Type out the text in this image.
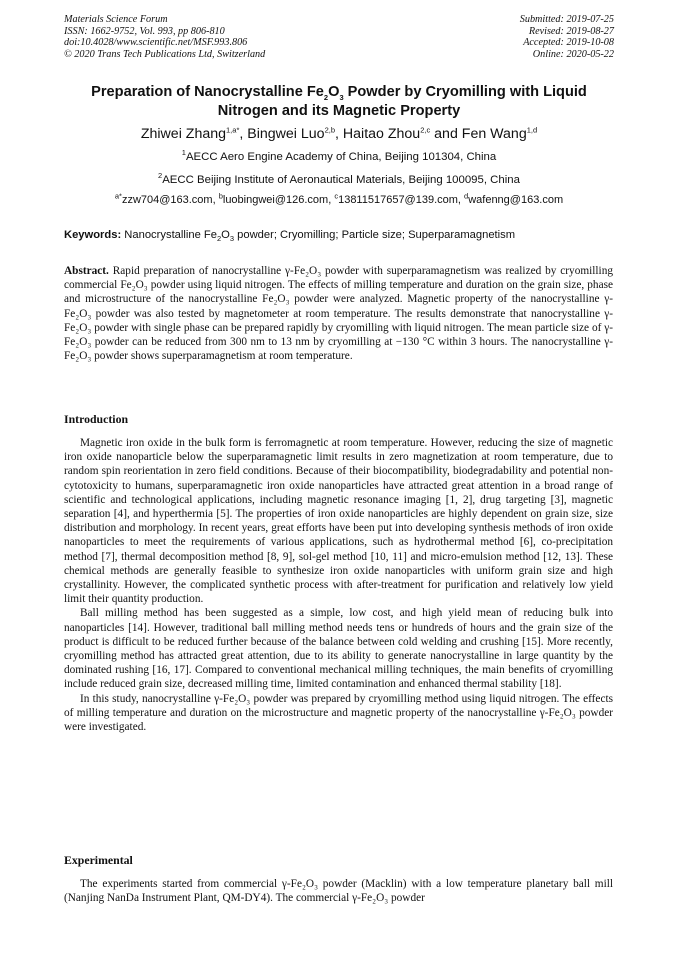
Materials Science Forum
ISSN: 1662-9752, Vol. 993, pp 806-810
doi:10.4028/www.scientific.net/MSF.993.806
© 2020 Trans Tech Publications Ltd, Switzerland
Submitted: 2019-07-25
Revised: 2019-08-27
Accepted: 2019-10-08
Online: 2020-05-22
Preparation of Nanocrystalline $Fe_2O_3$ Powder by Cryomilling with Liquid
Nitrogen and its Magnetic Property
Zhiwei Zhang$^{1,a*}$, Bingwei Luo$^{2,b}$, Haitao Zhou$^{2,c}$ and Fen Wang$^{1,d}$
$^1$AECC Aero Engine Academy of China, Beijing 101304, China
$^2$AECC Beijing Institute of Aeronautical Materials, Beijing 100095, China
$^{a*}$zzw704@163.com, $^b$luobingwei@126.com, $^c$13811517657@139.com, $^d$wafenng@163.com
Keywords: Nanocrystalline $Fe_2O_3$ powder; Cryomilling; Particle size; Superparamagnetism

Abstract. Rapid preparation of nanocrystalline γ-Fe₂O₃ powder with superparamagnetism was realized by cryomilling commercial Fe₂O₃ powder using liquid nitrogen. The effects of milling temperature and duration on the grain size, phase and microstructure of the nanocrystalline Fe₂O₃ powder were analyzed. Magnetic property of the nanocrystalline γ-Fe₂O₃ powder was also tested by magnetometer at room temperature. The results demonstrate that nanocrystalline γ-Fe₂O₃ powder with single phase can be prepared rapidly by cryomilling with liquid nitrogen. The mean particle size of γ-Fe₂O₃ powder can be reduced from 300 nm to 13 nm by cryomilling at −130 °C within 3 hours. The nanocrystalline γ-Fe₂O₃ powder shows superparamagnetism at room temperature.

Introduction

Magnetic iron oxide in the bulk form is ferromagnetic at room temperature. However, reducing the size of magnetic iron oxide nanoparticle below the superparamagnetic limit results in zero magnetization at room temperature, due to random spin reorientation in zero field conditions. Because of their biocompatibility, biodegradability and potential non-cytotoxicity to humans, superparamagnetic iron oxide nanoparticles have attracted great attention in a broad range of scientific and technological applications, including magnetic resonance imaging [1, 2], drug targeting [3], magnetic separation [4], and hyperthermia [5]. The properties of iron oxide nanoparticles are highly dependent on grain size, size distribution and morphology. In recent years, great efforts have been put into developing synthesis methods of iron oxide nanoparticles to meet the requirements of various applications, such as hydrothermal method [6], co-precipitation method [7], thermal decomposition method [8, 9], sol-gel method [10, 11] and micro-emulsion method [12, 13]. These chemical methods are generally feasible to synthesize iron oxide nanoparticles with uniform grain size and high crystallinity. However, the complicated synthetic process with after-treatment for purification and relatively low yield limit their quantity production.

Ball milling method has been suggested as a simple, low cost, and high yield mean of reducing bulk into nanoparticles [14]. However, traditional ball milling method needs tens or hundreds of hours and the grain size of the product is difficult to be reduced further because of the balance between cold welding and crushing [15]. More recently, cryomilling method has attracted great attention, due to its ability to generate nanocrystalline in large quantity by the dominated rushing [16, 17]. Compared to conventional mechanical milling techniques, the main benefits of cryomilling include reduced grain size, decreased milling time, limited contamination and enhanced thermal stability [18].

In this study, nanocrystalline γ-Fe₂O₃ powder was prepared by cryomilling method using liquid nitrogen. The effects of milling temperature and duration on the microstructure and magnetic property of the nanocrystalline γ-Fe₂O₃ powder were investigated.

Experimental

The experiments started from commercial γ-Fe₂O₃ powder (Macklin) with a low temperature planetary ball mill (Nanjing NanDa Instrument Plant, QM-DY4). The commercial γ-Fe₂O₃ powder
